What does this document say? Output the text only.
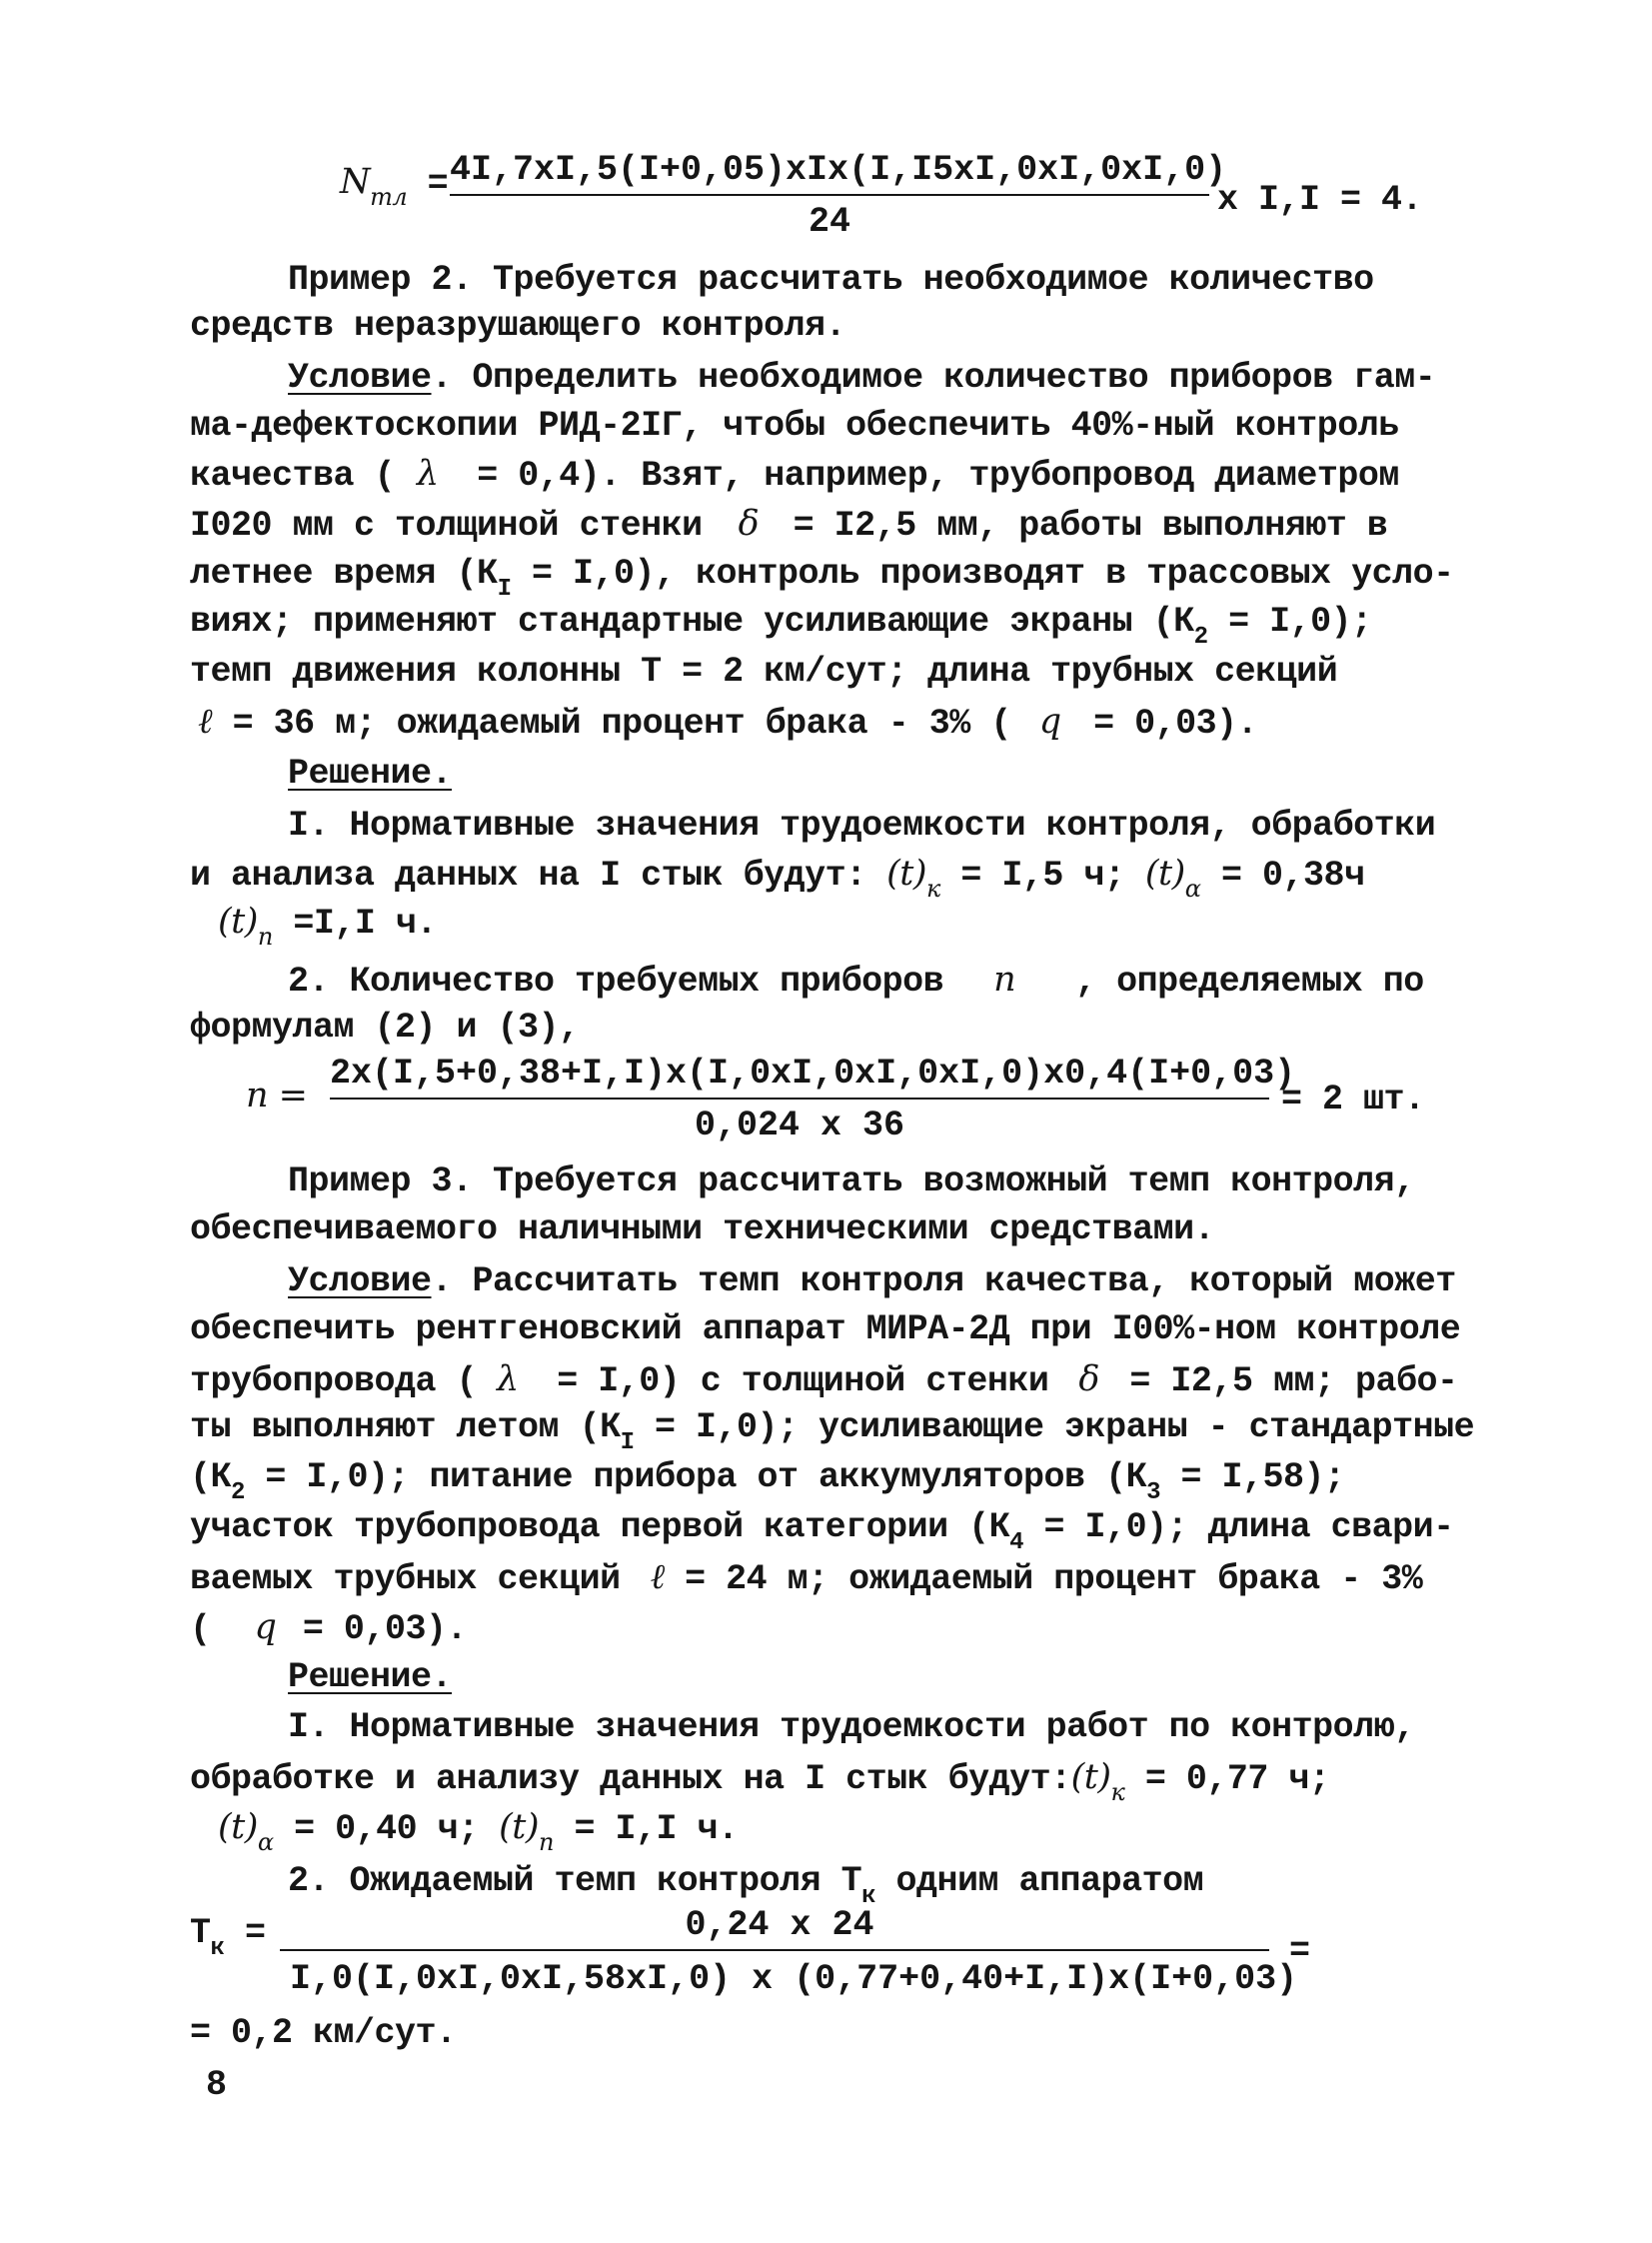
$N_{тл} = 4I,7xI,5(I+0,05)xIx(I,I5xI,0xI,0xI,0)$
24
x I,I = 4.
Пример 2. Требуется рассчитать необходимое количество
средств неразрушающего контроля.
Условие. Определить необходимое количество приборов гам-
ма-дефектоскопии РИД-2IГ, чтобы обеспечить 40%-ный контроль
качества ( λ = 0,4). Взят, например, трубопровод диаметром
I020 мм с толщиной стенки δ = I2,5 мм, работы выполняют в
летнее время $(К_I = I,0)$, контроль производят в трассовых усло-
виях; применяют стандартные усиливающие экраны $(К_2 = I,0)$;
темп движения колонны Т = 2 км/сут; длина трубных секций
ℓ = 36 м; ожидаемый процент брака - 3% ( q = 0,03).
Решение.
I. Нормативные значения трудоемкости контроля, обработки
и анализа данных на I стык будут: $(t)_к = I,5$ ч; $(t)_\alpha = 0,38ч$
$(t)_п =I,I$ ч.
2. Количество требуемых приборов n , определяемых по
формулам (2) и (3),
n =
2x(I,5+0,38+I,I)x(I,0xI,0xI,0xI,0)x0,4(I+0,03)
0,024 x 36
= 2 шт.
Пример 3. Требуется рассчитать возможный темп контроля,
обеспечиваемого наличными техническими средствами.
Условие. Рассчитать темп контроля качества, который может
обеспечить рентгеновский аппарат МИРА-2Д при I00%-ном контроле
трубопровода ( λ = I,0) с толщиной стенки δ = I2,5 мм; рабо-
ты выполняют летом $(К_I = I,0)$; усиливающие экраны - стандартные
$(К_2 = I,0)$; питание прибора от аккумуляторов $(К_3 = I,58)$;
участок трубопровода первой категории $(К_4 = I,0)$; длина свари-
ваемых трубных секций ℓ = 24 м; ожидаемый процент брака - 3%
( q = 0,03).
Решение.
I. Нормативные значения трудоемкости работ по контролю,
обработке и анализу данных на I стык $будут:(t)_к = 0,77$ ч;
$(t)_\alpha = 0,40$ ч; $(t)_п = I,I$ ч.
2. Ожидаемый темп контроля $Т_к$ одним аппаратом
$Т_к$ =	0,24 x 24
I,0(I,0xI,0xI,58xI,0) x (0,77+0,40+I,I)x(I+0,03)
=
= 0,2 км/сут.
8
